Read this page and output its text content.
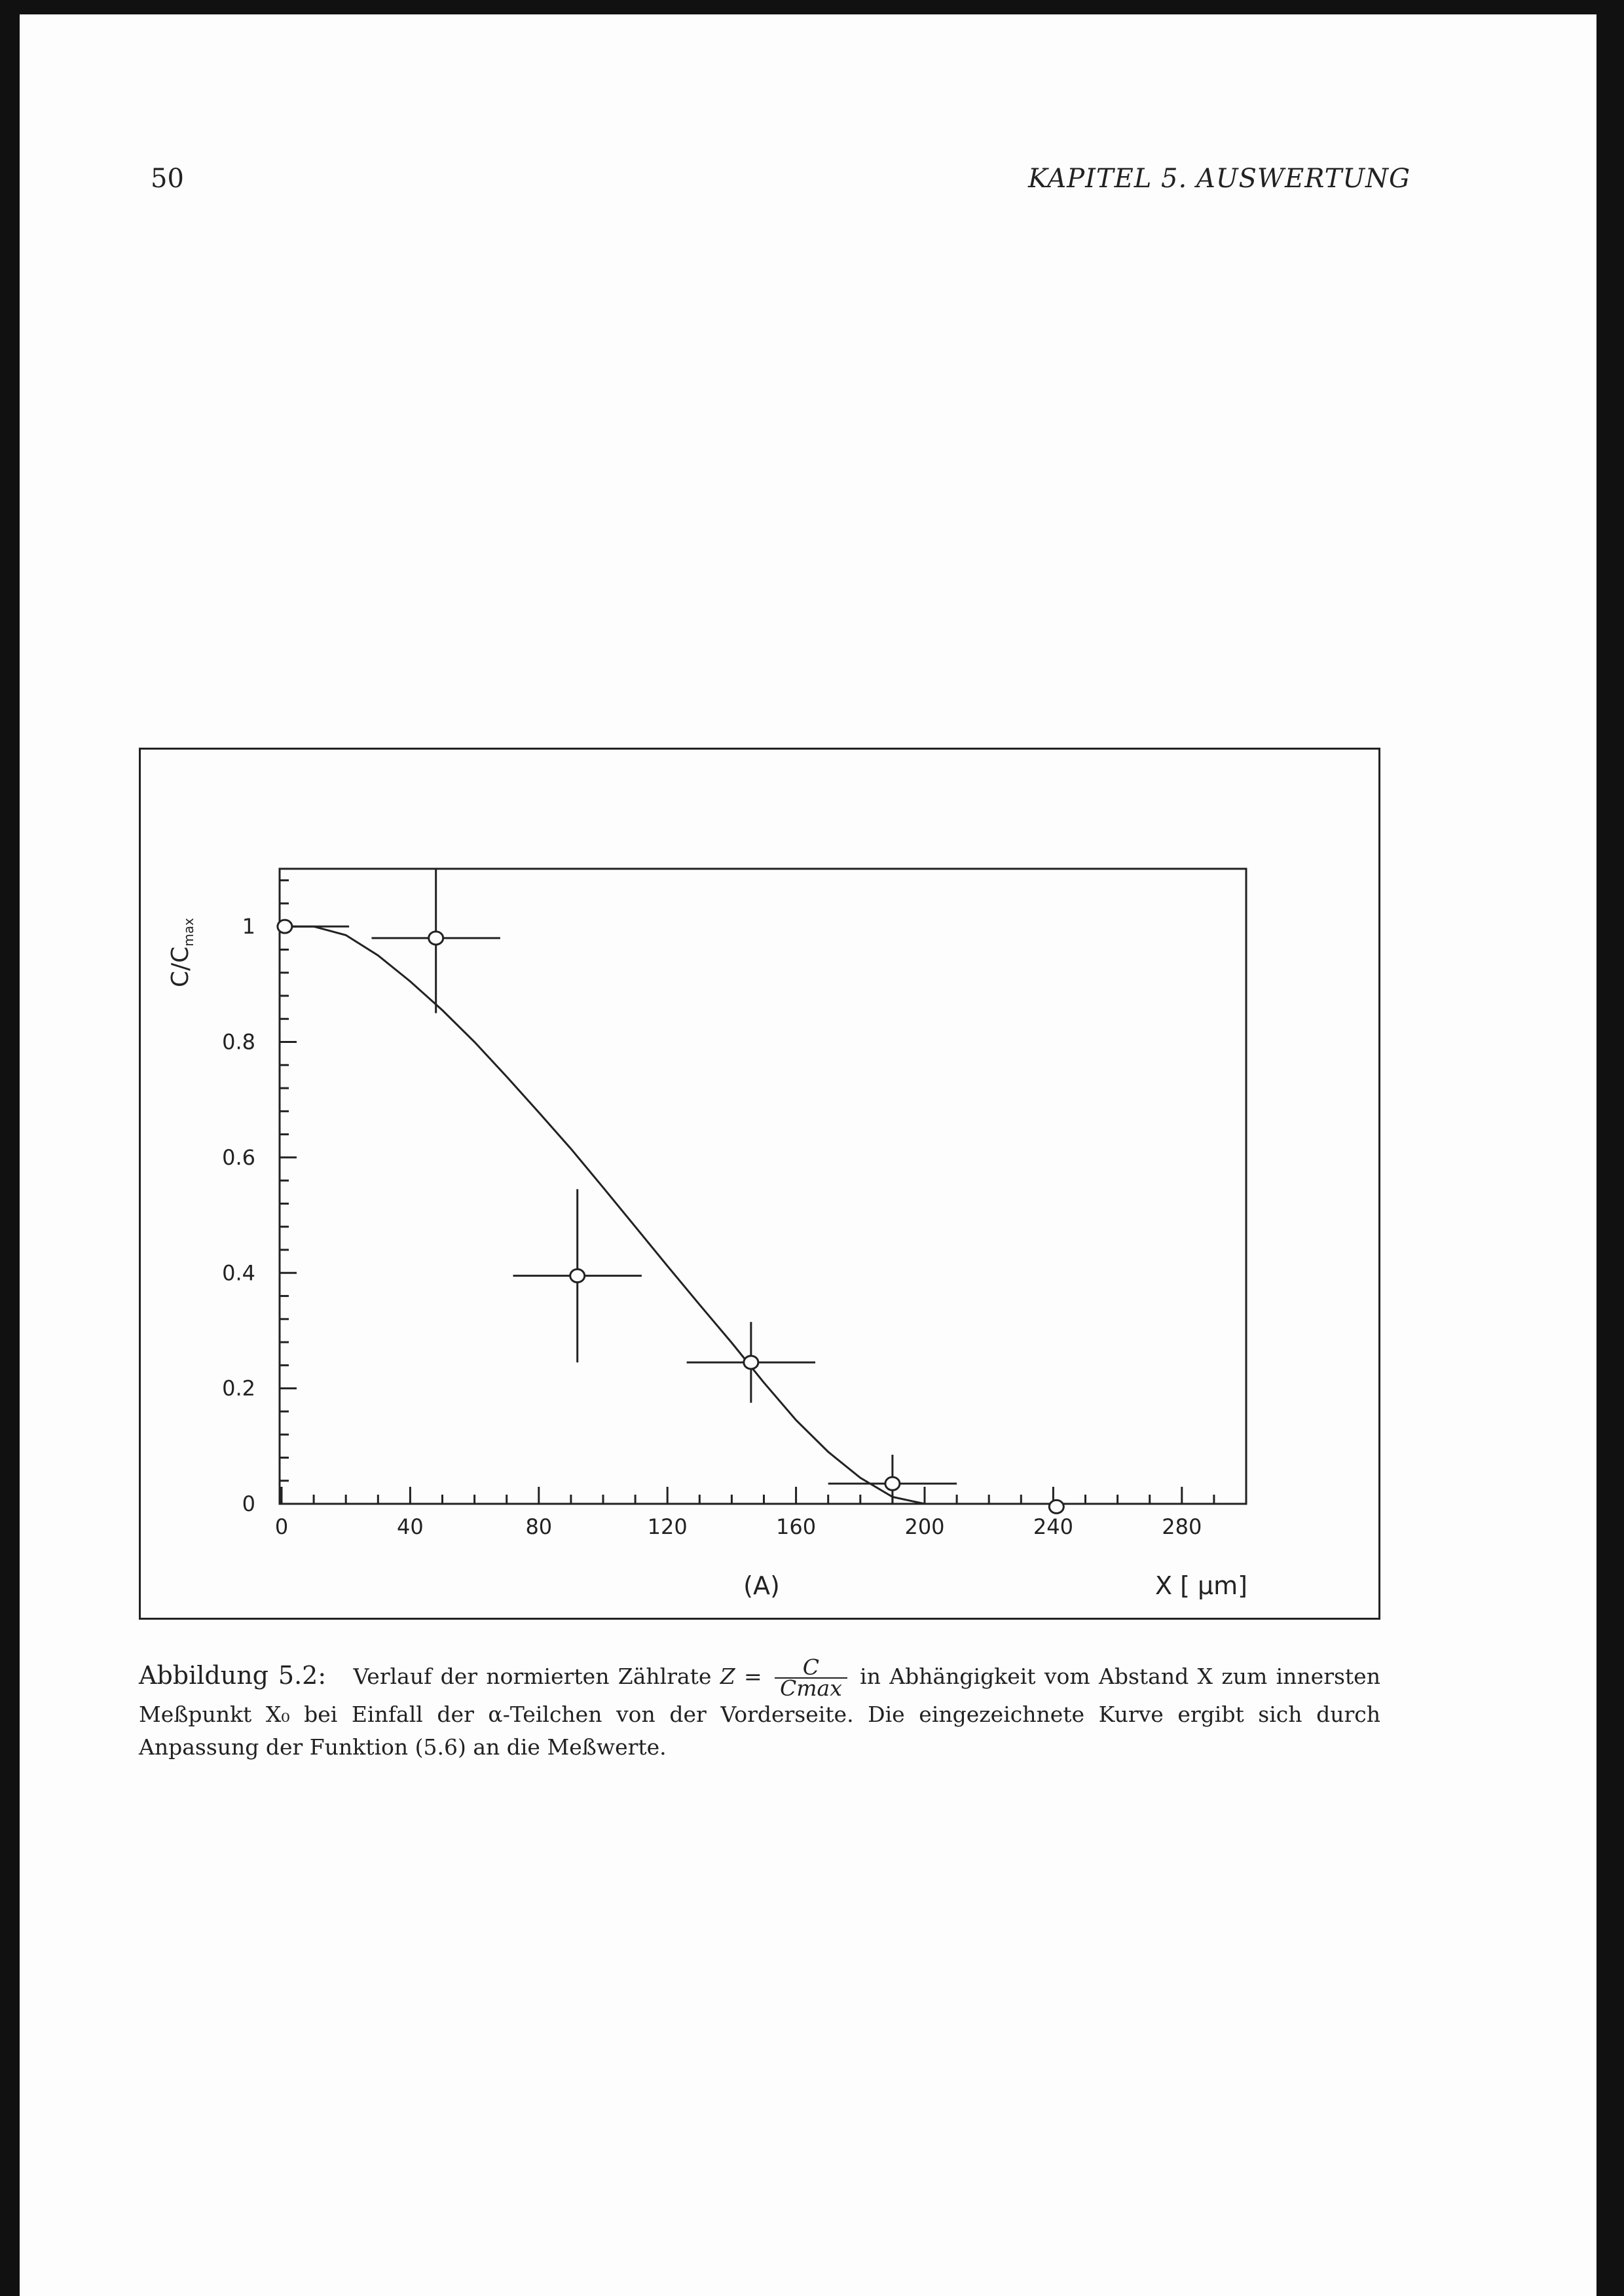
50	KAPITEL 5. AUSWERTUNG
0	40	80	120	160	200	240	280
0
0.2
0.4
0.6
0.8
1
$C/C_{max}$
(A)	X [ μm]
Abbildung 5.2: Verlauf der normierten Zählrate $Z = \frac{C}{Cmax}$ in Abhängigkeit vom Abstand X zum innersten Meßpunkt X₀ bei Einfall der α-Teilchen von der Vorderseite. Die eingezeichnete Kurve ergibt sich durch Anpassung der Funktion (5.6) an die Meßwerte.
